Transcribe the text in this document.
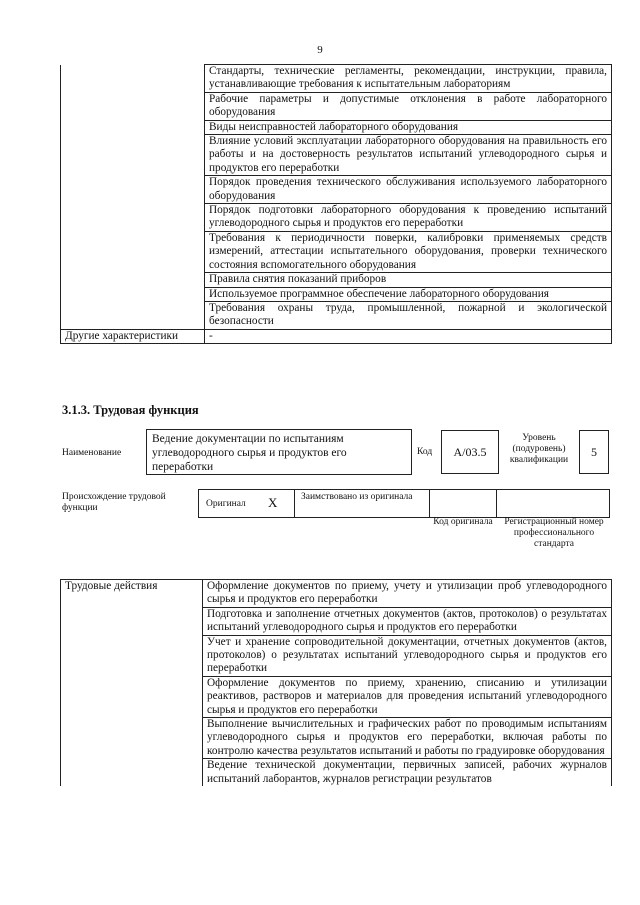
9
	Стандарты, технические регламенты, рекомендации, инструкции, правила, устанавливающие требования к испытательным лабораториям
	Рабочие параметры и допустимые отклонения в работе лабораторного оборудования
	Виды неисправностей лабораторного оборудования
	Влияние условий эксплуатации лабораторного оборудования на правильность его работы и на достоверность результатов испытаний углеводородного сырья и продуктов его переработки
	Порядок проведения технического обслуживания используемого лабораторного оборудования
	Порядок подготовки лабораторного оборудования к проведению испытаний углеводородного сырья и продуктов его переработки
	Требования к периодичности поверки, калибровки применяемых средств измерений, аттестации испытательного оборудования, проверки технического состояния вспомогательного оборудования
	Правила снятия показаний приборов
	Используемое программное обеспечение лабораторного оборудования
	Требования охраны труда, промышленной, пожарной и экологической безопасности
Другие характеристики	-
3.1.3. Трудовая функция
Наименование
Ведение документации по испытаниям углеводородного сырья и продуктов его переработки
Код А/03.5
Уровень (подуровень) квалификации
5
Происхождение трудовой функции	Оригинал X Заимствовано из оригинала
Код оригинала	Регистрационный номер профессионального стандарта
Трудовые действия	Оформление документов по приему, учету и утилизации проб углеводородного сырья и продуктов его переработки
Подготовка и заполнение отчетных документов (актов, протоколов) о результатах испытаний углеводородного сырья и продуктов его переработки
Учет и хранение сопроводительной документации, отчетных документов (актов, протоколов) о результатах испытаний углеводородного сырья и продуктов его переработки
Оформление документов по приему, хранению, списанию и утилизации реактивов, растворов и материалов для проведения испытаний углеводородного сырья и продуктов его переработки
Выполнение вычислительных и графических работ по проводимым испытаниям углеводородного сырья и продуктов его переработки, включая работы по контролю качества результатов испытаний и работы по градуировке оборудования
Ведение технической документации, первичных записей, рабочих журналов испытаний лаборантов, журналов регистрации результатов
